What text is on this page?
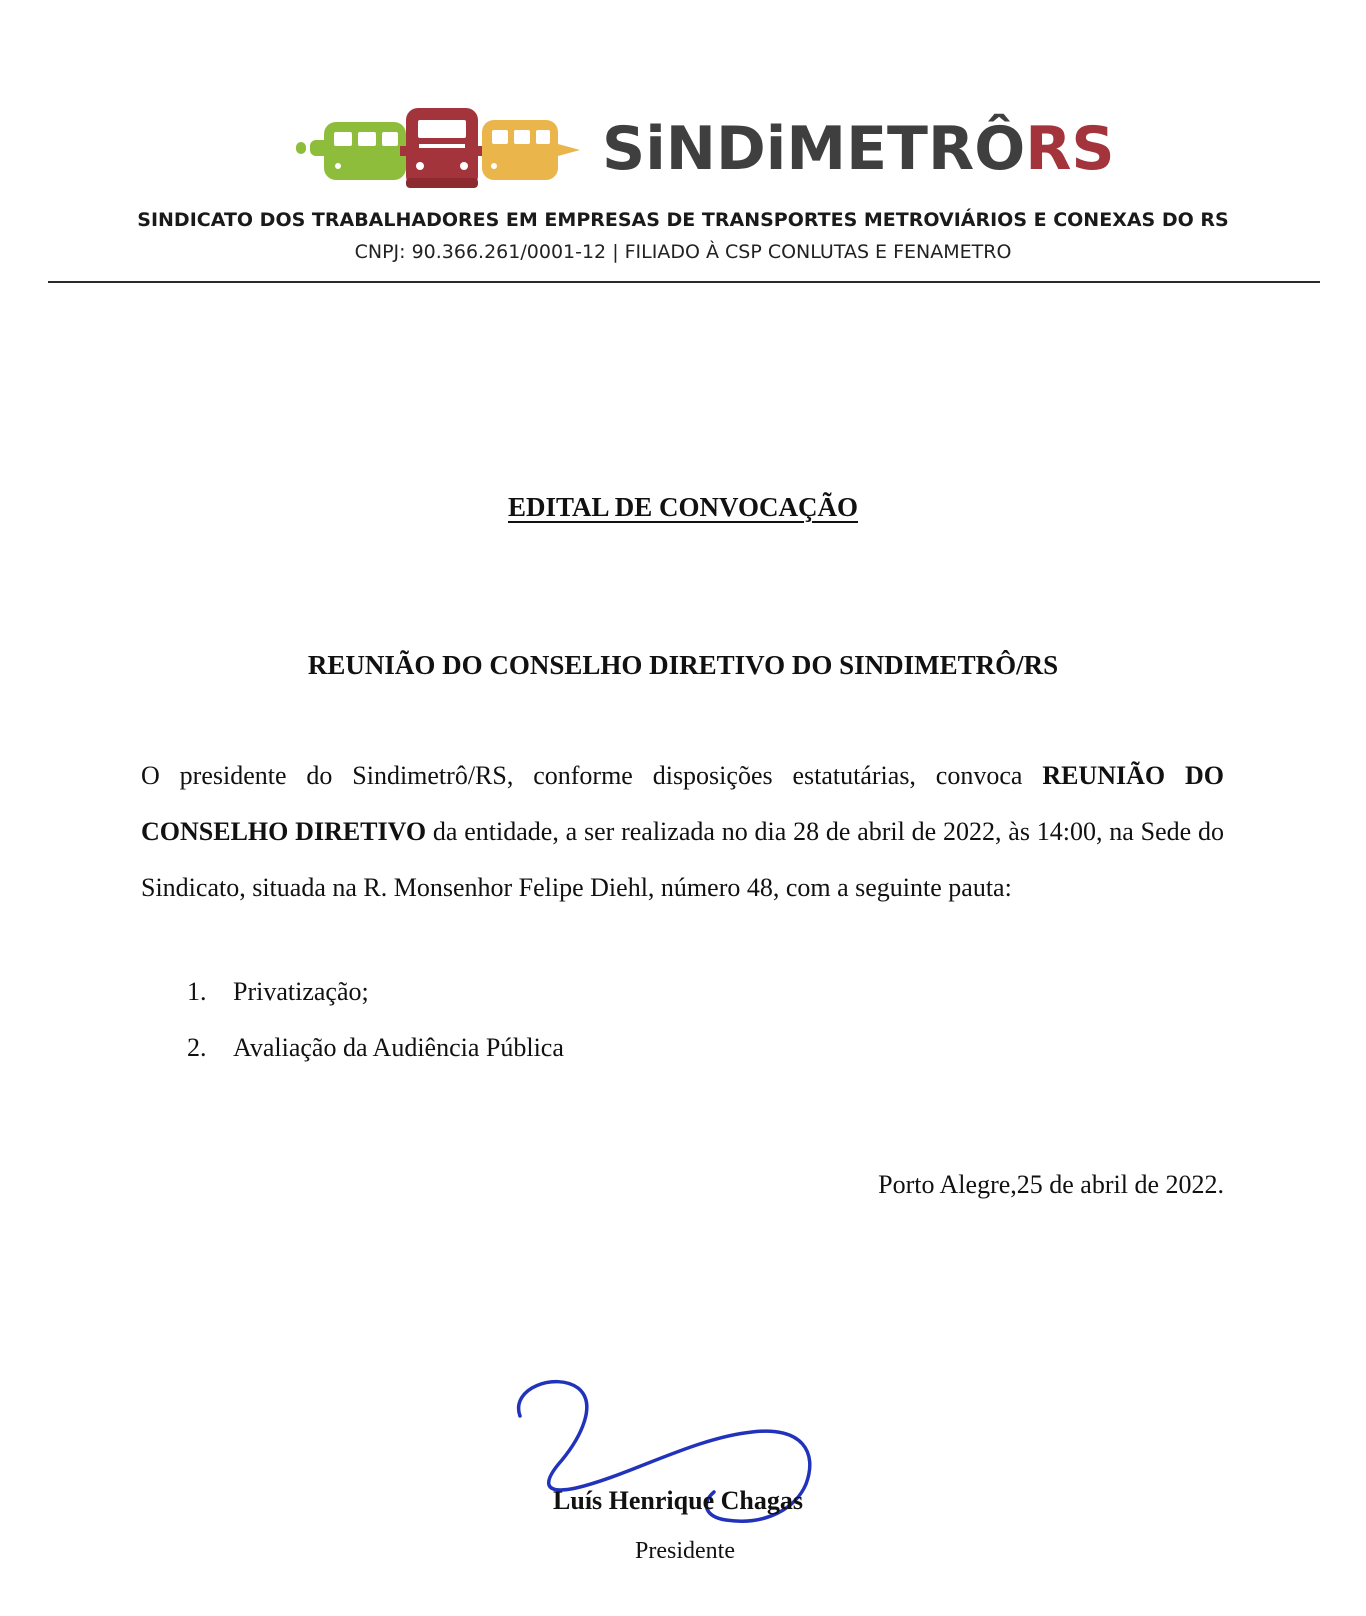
SiNDiMETRÔRS
SINDICATO DOS TRABALHADORES EM EMPRESAS DE TRANSPORTES METROVIÁRIOS E CONEXAS DO RS
CNPJ: 90.366.261/0001-12 | FILIADO À CSP CONLUTAS E FENAMETRO
EDITAL DE CONVOCAÇÃO
REUNIÃO DO CONSELHO DIRETIVO DO SINDIMETRÔ/RS
O presidente do Sindimetrô/RS, conforme disposições estatutárias, convoca REUNIÃO DO CONSELHO DIRETIVO da entidade, a ser realizada no dia 28 de abril de 2022, às 14:00, na Sede do Sindicato, situada na R. Monsenhor Felipe Diehl, número 48, com a seguinte pauta:
1. Privatização;
2. Avaliação da Audiência Pública
Porto Alegre,25 de abril de 2022.
Luís Henrique Chagas
Presidente
